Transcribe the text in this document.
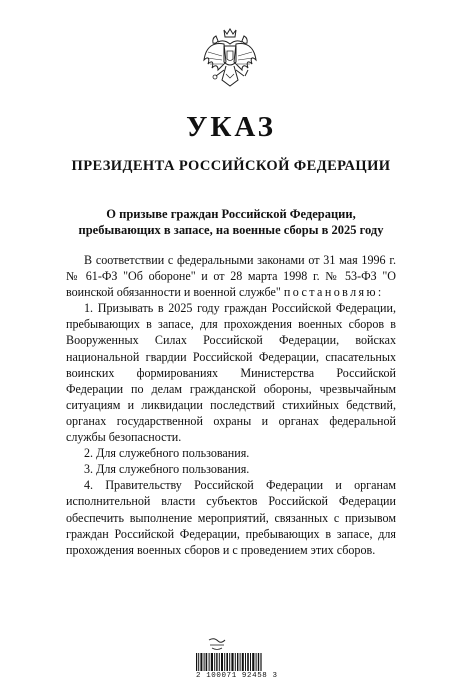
УКАЗ
ПРЕЗИДЕНТА РОССИЙСКОЙ ФЕДЕРАЦИИ
О призыве граждан Российской Федерации,
пребывающих в запасе, на военные сборы в 2025 году

В соответствии с федеральными законами от 31 мая 1996 г. № 61-ФЗ "Об обороне" и от 28 марта 1998 г. № 53-ФЗ "О воинской обязанности и военной службе" постановляю:

1. Призывать в 2025 году граждан Российской Федерации, пребывающих в запасе, для прохождения военных сборов в Вооруженных Силах Российской Федерации, войсках национальной гвардии Российской Федерации, спасательных воинских формированиях Министерства Российской Федерации по делам гражданской обороны, чрезвычайным ситуациям и ликвидации последствий стихийных бедствий, органах государственной охраны и органах федеральной службы безопасности.

2. Для служебного пользования.

3. Для служебного пользования.

4. Правительству Российской Федерации и органам исполнительной власти субъектов Российской Федерации обеспечить выполнение мероприятий, связанных с призывом граждан Российской Федерации, пребывающих в запасе, для прохождения военных сборов и с проведением этих сборов.

2 100071 92458 3
